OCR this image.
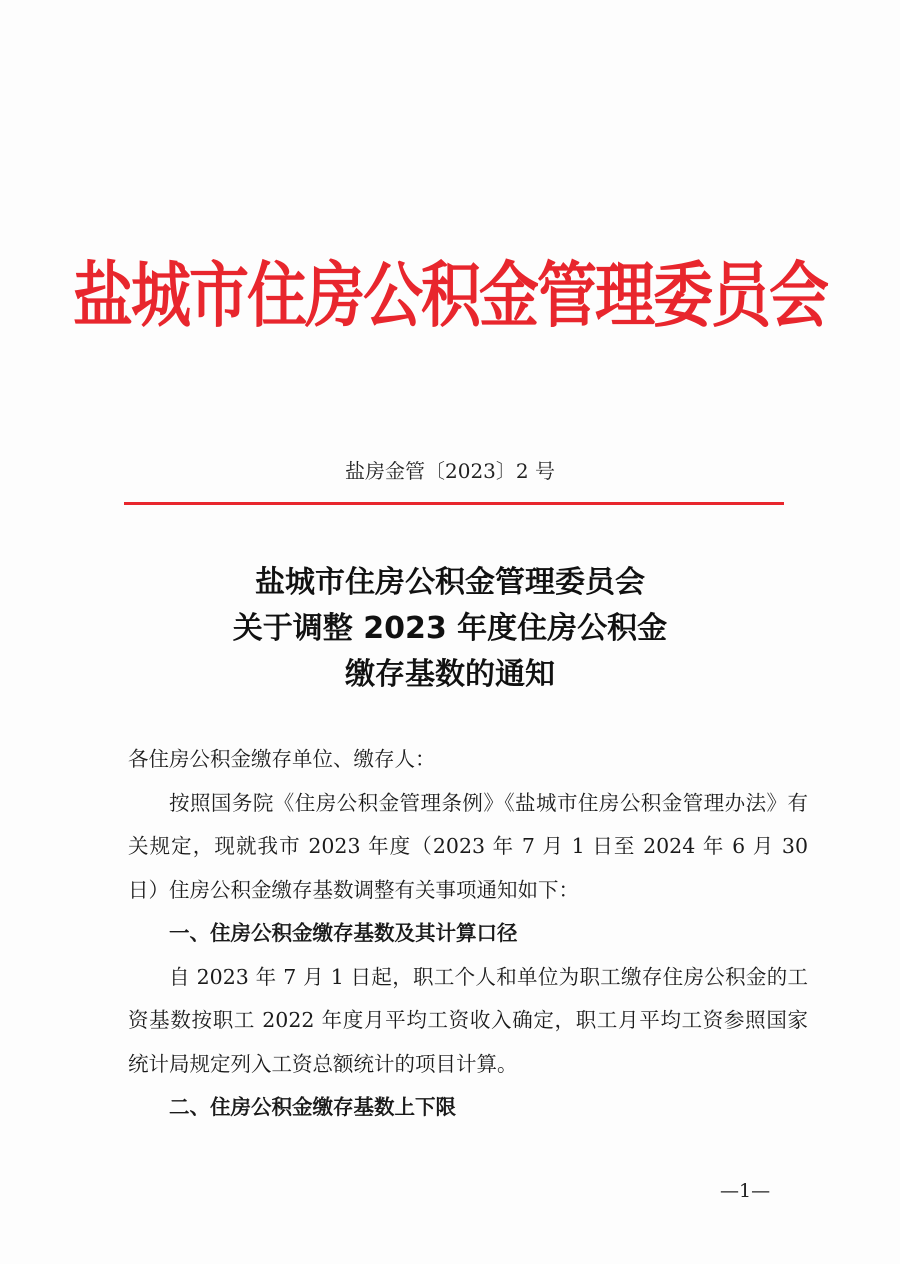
盐城市住房公积金管理委员会
盐房金管〔2023〕2 号
盐城市住房公积金管理委员会
关于调整 2023 年度住房公积金
缴存基数的通知

各住房公积金缴存单位、缴存人：

按照国务院《住房公积金管理条例》《盐城市住房公积金管理办法》有关规定，现就我市 2023 年度（2023 年 7 月 1 日至 2024 年 6 月 30 日）住房公积金缴存基数调整有关事项通知如下：

一、住房公积金缴存基数及其计算口径

自 2023 年 7 月 1 日起，职工个人和单位为职工缴存住房公积金的工资基数按职工 2022 年度月平均工资收入确定，职工月平均工资参照国家统计局规定列入工资总额统计的项目计算。

二、住房公积金缴存基数上下限

—1—
